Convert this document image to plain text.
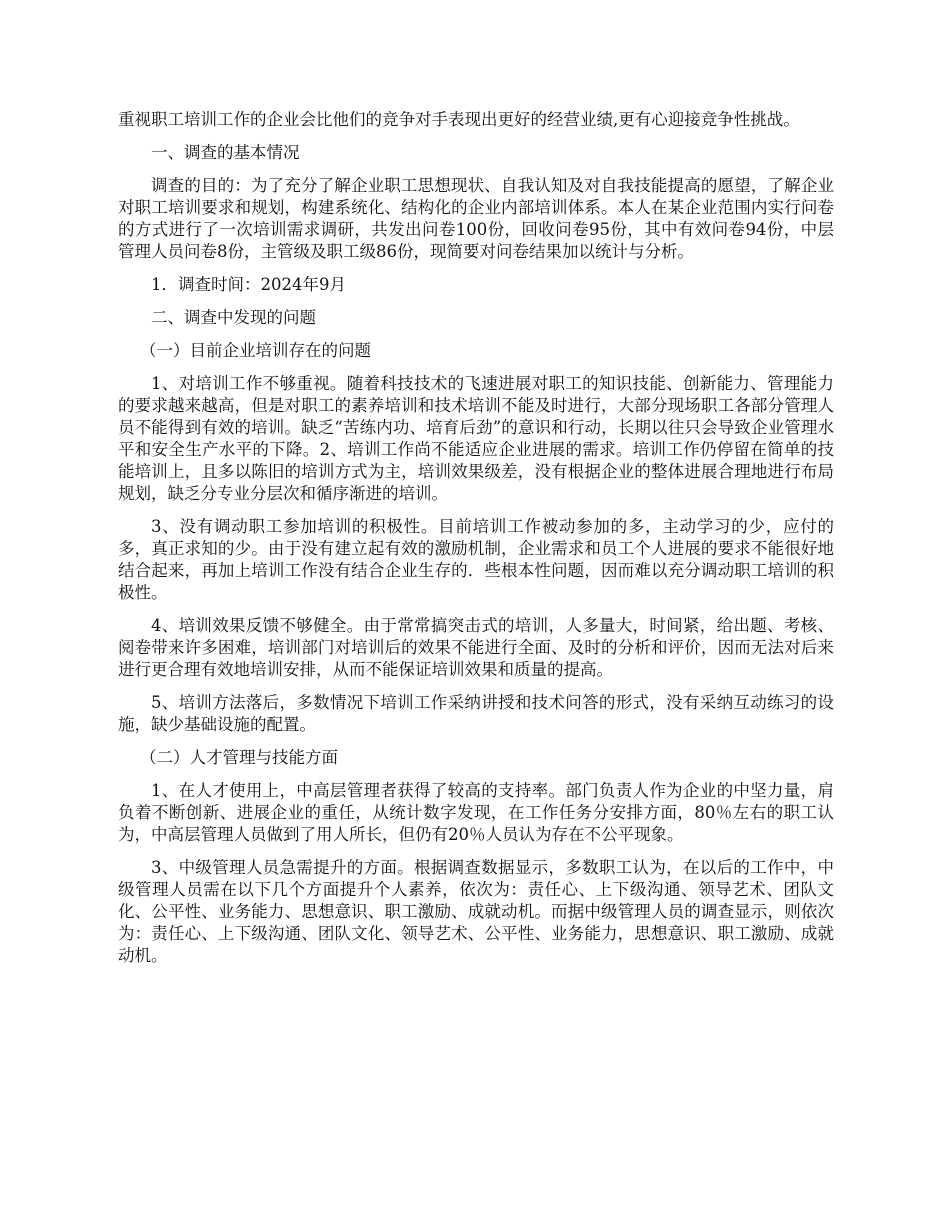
重视职工培训工作的企业会比他们的竞争对手表现出更好的经营业绩,更有心迎接竞争性挑战。

一、调查的基本情况

调查的目的：为了充分了解企业职工思想现状、自我认知及对自我技能提高的愿望，了解企业对职工培训要求和规划，构建系统化、结构化的企业内部培训体系。本人在某企业范围内实行问卷的方式进行了一次培训需求调研，共发出问卷100份，回收问卷95份，其中有效问卷94份，中层管理人员问卷8份，主管级及职工级86份，现简要对问卷结果加以统计与分析。

1．调查时间：2024年9月

二、调查中发现的问题

（一）目前企业培训存在的问题

1、对培训工作不够重视。随着科技技术的飞速进展对职工的知识技能、创新能力、管理能力的要求越来越高，但是对职工的素养培训和技术培训不能及时进行，大部分现场职工各部分管理人员不能得到有效的培训。缺乏“苦练内功、培育后劲”的意识和行动，长期以往只会导致企业管理水平和安全生产水平的下降。2、培训工作尚不能适应企业进展的需求。培训工作仍停留在简单的技能培训上，且多以陈旧的培训方式为主，培训效果级差，没有根据企业的整体进展合理地进行布局规划，缺乏分专业分层次和循序渐进的培训。

3、没有调动职工参加培训的积极性。目前培训工作被动参加的多，主动学习的少，应付的多，真正求知的少。由于没有建立起有效的激励机制，企业需求和员工个人进展的要求不能很好地结合起来，再加上培训工作没有结合企业生存的．些根本性问题，因而难以充分调动职工培训的积极性。

4、培训效果反馈不够健全。由于常常搞突击式的培训，人多量大，时间紧，给出题、考核、阅卷带来许多困难，培训部门对培训后的效果不能进行全面、及时的分析和评价，因而无法对后来进行更合理有效地培训安排，从而不能保证培训效果和质量的提高。

5、培训方法落后，多数情况下培训工作采纳讲授和技术问答的形式，没有采纳互动练习的设施，缺少基础设施的配置。

（二）人才管理与技能方面

1、在人才使用上，中高层管理者获得了较高的支持率。部门负责人作为企业的中坚力量，肩负着不断创新、进展企业的重任，从统计数字发现，在工作任务分安排方面，80％左右的职工认为，中高层管理人员做到了用人所长，但仍有20％人员认为存在不公平现象。

3、中级管理人员急需提升的方面。根据调查数据显示，多数职工认为，在以后的工作中，中级管理人员需在以下几个方面提升个人素养，依次为：责任心、上下级沟通、领导艺术、团队文化、公平性、业务能力、思想意识、职工激励、成就动机。而据中级管理人员的调查显示，则依次为：责任心、上下级沟通、团队文化、领导艺术、公平性、业务能力，思想意识、职工激励、成就动机。
